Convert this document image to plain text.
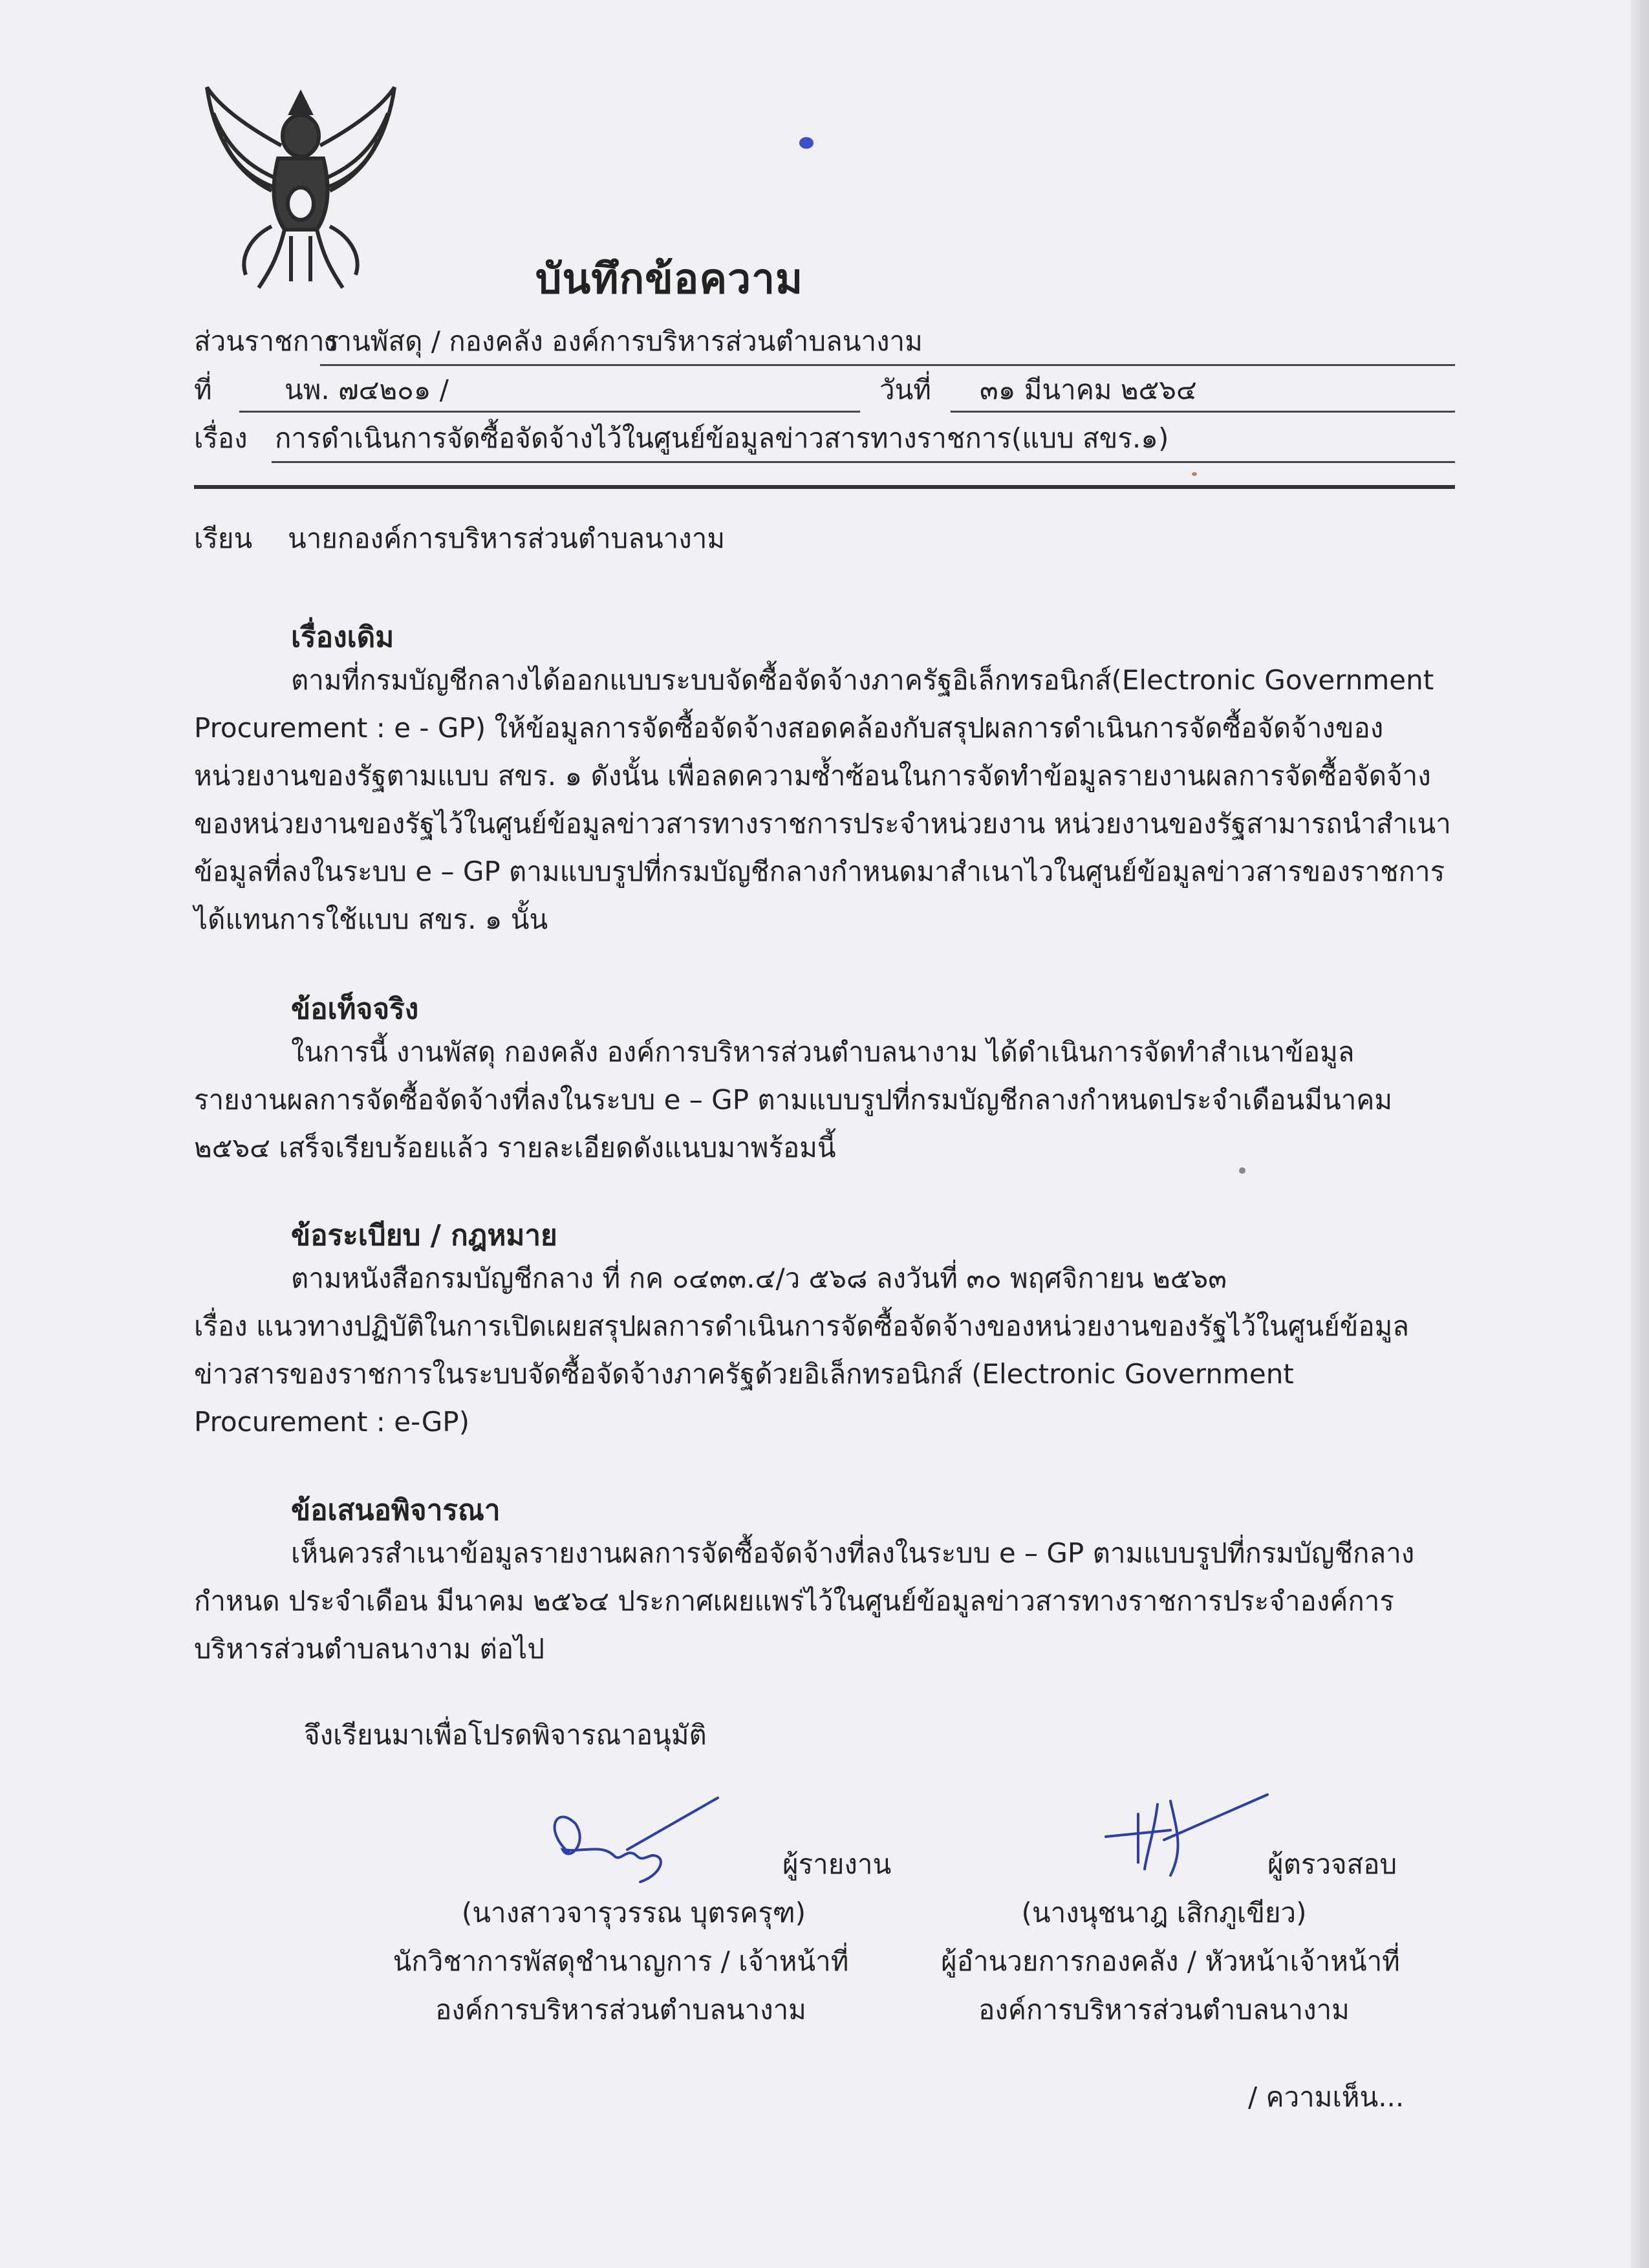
บันทึกข้อความ
ส่วนราชการ
งานพัสดุ / กองคลัง องค์การบริหารส่วนตำบลนางาม
ที่	นพ. ๗๔๒๐๑ /	วันที่ ๓๑ มีนาคม ๒๕๖๔
เรื่อง การดำเนินการจัดซื้อจัดจ้างไว้ในศูนย์ข้อมูลข่าวสารทางราชการ(แบบ สขร.๑)
เรียน นายกองค์การบริหารส่วนตำบลนางาม
เรื่องเดิม
ตามที่กรมบัญชีกลางได้ออกแบบระบบจัดซื้อจัดจ้างภาครัฐอิเล็กทรอนิกส์(Electronic Government
Procurement : e - GP) ให้ข้อมูลการจัดซื้อจัดจ้างสอดคล้องกับสรุปผลการดำเนินการจัดซื้อจัดจ้างของ
หน่วยงานของรัฐตามแบบ สขร. ๑ ดังนั้น เพื่อลดความซ้ำซ้อนในการจัดทำข้อมูลรายงานผลการจัดซื้อจัดจ้าง
ของหน่วยงานของรัฐไว้ในศูนย์ข้อมูลข่าวสารทางราชการประจำหน่วยงาน หน่วยงานของรัฐสามารถนำสำเนา
ข้อมูลที่ลงในระบบ e – GP ตามแบบรูปที่กรมบัญชีกลางกำหนดมาสำเนาไวในศูนย์ข้อมูลข่าวสารของราชการ
ได้แทนการใช้แบบ สขร. ๑ นั้น
ข้อเท็จจริง
ในการนี้ งานพัสดุ กองคลัง องค์การบริหารส่วนตำบลนางาม ได้ดำเนินการจัดทำสำเนาข้อมูล
รายงานผลการจัดซื้อจัดจ้างที่ลงในระบบ e – GP ตามแบบรูปที่กรมบัญชีกลางกำหนดประจำเดือนมีนาคม
๒๕๖๔ เสร็จเรียบร้อยแล้ว รายละเอียดดังแนบมาพร้อมนี้
ข้อระเบียบ / กฎหมาย
ตามหนังสือกรมบัญชีกลาง ที่ กค ๐๔๓๓.๔/ว ๕๖๘ ลงวันที่ ๓๐ พฤศจิกายน ๒๕๖๓
เรื่อง แนวทางปฏิบัติในการเปิดเผยสรุปผลการดำเนินการจัดซื้อจัดจ้างของหน่วยงานของรัฐไว้ในศูนย์ข้อมูล
ข่าวสารของราชการในระบบจัดซื้อจัดจ้างภาครัฐด้วยอิเล็กทรอนิกส์ (Electronic Government
Procurement : e-GP)
ข้อเสนอพิจารณา
เห็นควรสำเนาข้อมูลรายงานผลการจัดซื้อจัดจ้างที่ลงในระบบ e – GP ตามแบบรูปที่กรมบัญชีกลาง
กำหนด ประจำเดือน มีนาคม ๒๕๖๔ ประกาศเผยแพร่ไว้ในศูนย์ข้อมูลข่าวสารทางราชการประจำองค์การ
บริหารส่วนตำบลนางาม ต่อไป
จึงเรียนมาเพื่อโปรดพิจารณาอนุมัติ
ผู้รายงาน
(นางสาวจารุวรรณ บุตรครุฑ)
นักวิชาการพัสดุชำนาญการ / เจ้าหน้าที่
องค์การบริหารส่วนตำบลนางาม
ผู้ตรวจสอบ
(นางนุชนาฎ เสิกภูเขียว)
ผู้อำนวยการกองคลัง / หัวหน้าเจ้าหน้าที่
องค์การบริหารส่วนตำบลนางาม
/ ความเห็น...
